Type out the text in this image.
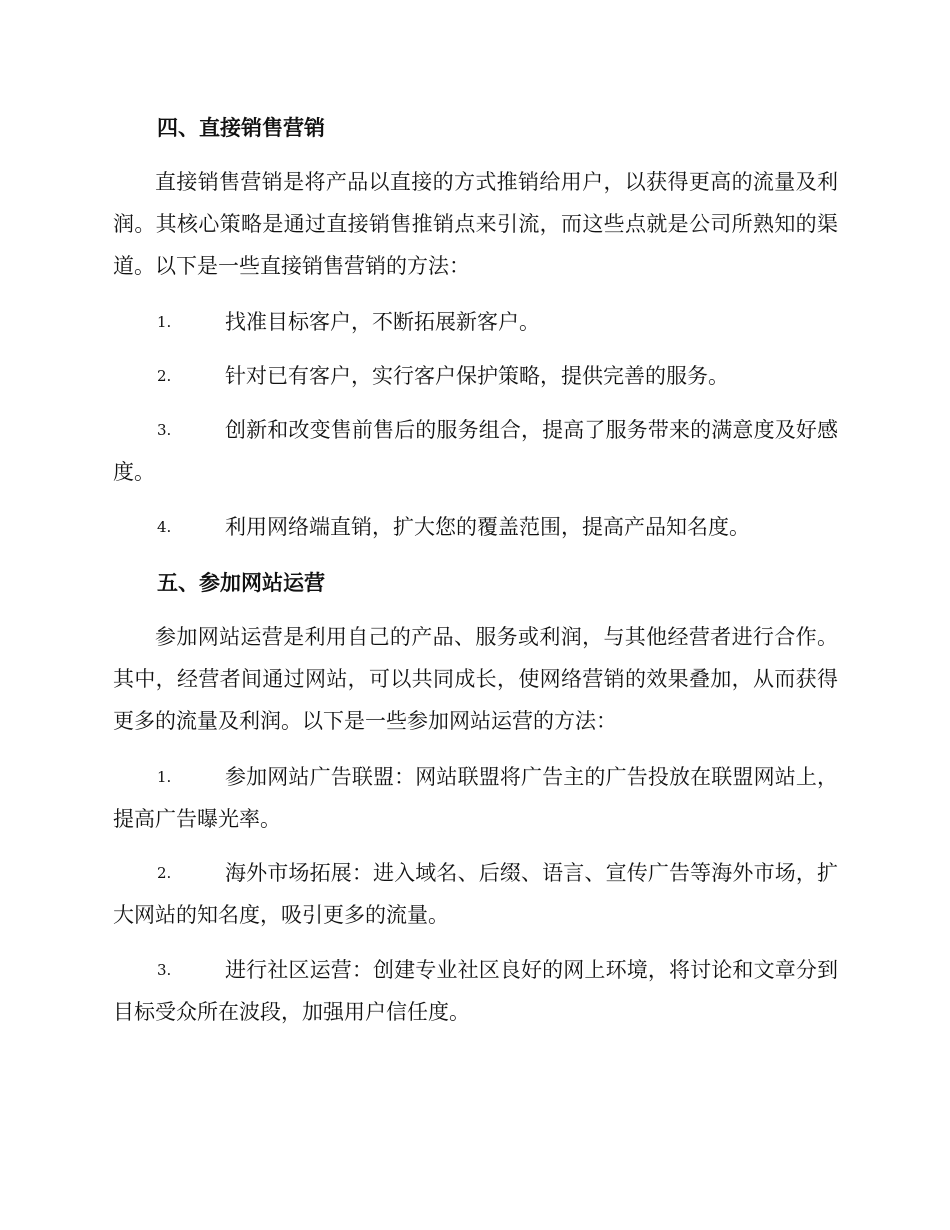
四、直接销售营销
直接销售营销是将产品以直接的方式推销给用户，以获得更高的流量及利润。其核心策略是通过直接销售推销点来引流，而这些点就是公司所熟知的渠道。以下是一些直接销售营销的方法：
1.	找准目标客户，不断拓展新客户。
2.	针对已有客户，实行客户保护策略，提供完善的服务。
3.	创新和改变售前售后的服务组合，提高了服务带来的满意度及好感度。
4.	利用网络端直销，扩大您的覆盖范围，提高产品知名度。
五、参加网站运营
参加网站运营是利用自己的产品、服务或利润，与其他经营者进行合作。其中，经营者间通过网站，可以共同成长，使网络营销的效果叠加，从而获得更多的流量及利润。以下是一些参加网站运营的方法：
1.	参加网站广告联盟：网站联盟将广告主的广告投放在联盟网站上，提高广告曝光率。
2.	海外市场拓展：进入域名、后缀、语言、宣传广告等海外市场，扩大网站的知名度，吸引更多的流量。
3.	进行社区运营：创建专业社区良好的网上环境，将讨论和文章分到目标受众所在波段，加强用户信任度。
